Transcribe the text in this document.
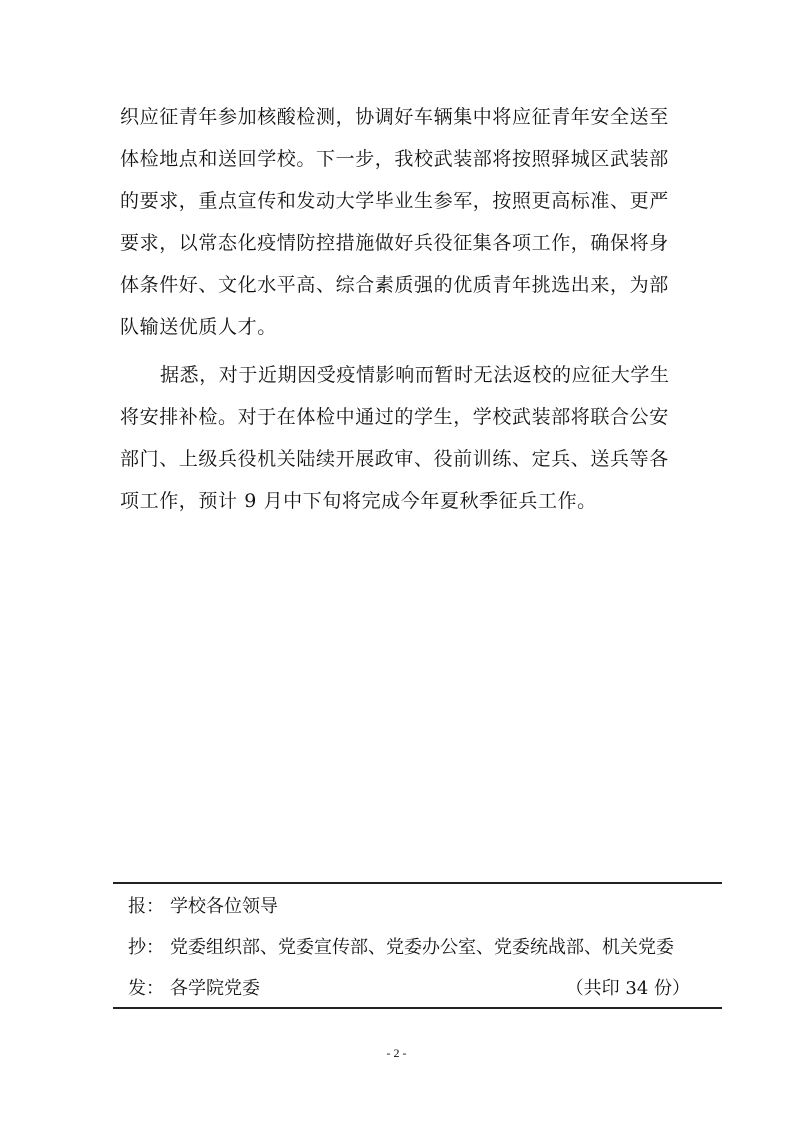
织应征青年参加核酸检测，协调好车辆集中将应征青年安全送至
体检地点和送回学校。下一步，我校武装部将按照驿城区武装部
的要求，重点宣传和发动大学毕业生参军，按照更高标准、更严
要求，以常态化疫情防控措施做好兵役征集各项工作，确保将身
体条件好、文化水平高、综合素质强的优质青年挑选出来，为部
队输送优质人才。
据悉，对于近期因受疫情影响而暂时无法返校的应征大学生
将安排补检。对于在体检中通过的学生，学校武装部将联合公安
部门、上级兵役机关陆续开展政审、役前训练、定兵、送兵等各
项工作，预计 9 月中下旬将完成今年夏秋季征兵工作。
报： 学校各位领导
抄： 党委组织部、党委宣传部、党委办公室、党委统战部、机关党委
发： 各学院党委	（共印 34 份）
- 2 -
